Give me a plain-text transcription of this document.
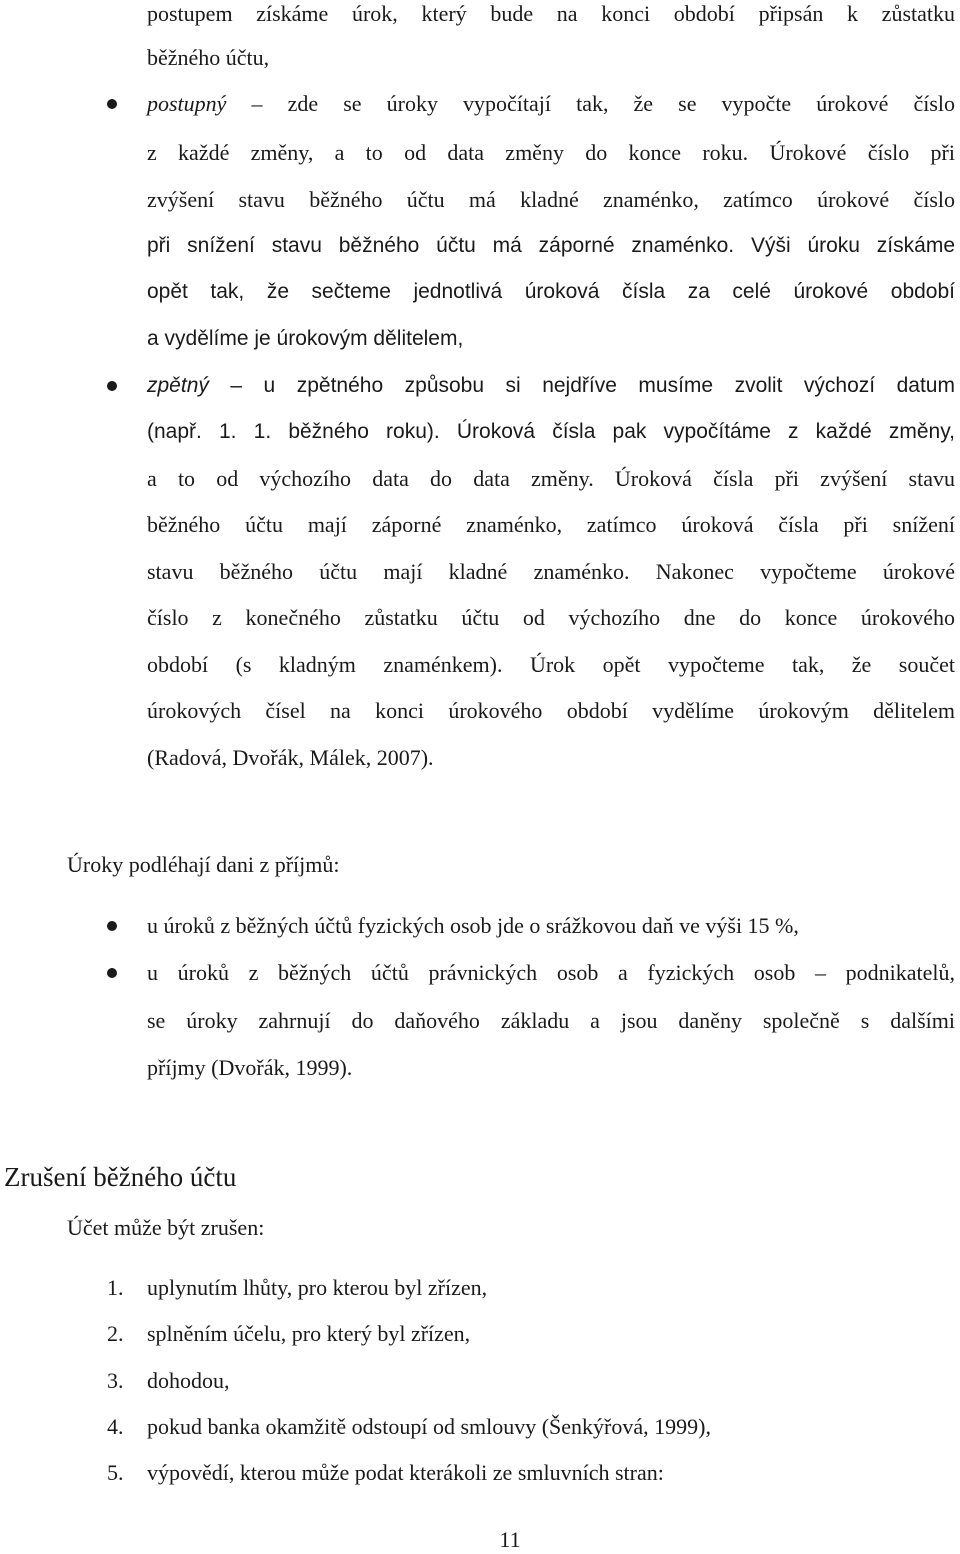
postupem získáme úrok, který bude na konci období připsán k zůstatku
běžného účtu,
postupný – zde se úroky vypočítají tak, že se vypočte úrokové číslo
z každé změny, a to od data změny do konce roku. Úrokové číslo při
zvýšení stavu běžného účtu má kladné znaménko, zatímco úrokové číslo
při snížení stavu běžného účtu má záporné znaménko. Výši úroku získáme
opět tak, že sečteme jednotlivá úroková čísla za celé úrokové období
a vydělíme je úrokovým dělitelem,
zpětný – u zpětného způsobu si nejdříve musíme zvolit výchozí datum
(např. 1. 1. běžného roku). Úroková čísla pak vypočítáme z každé změny,
a to od výchozího data do data změny. Úroková čísla při zvýšení stavu
běžného účtu mají záporné znaménko, zatímco úroková čísla při snížení
stavu běžného účtu mají kladné znaménko. Nakonec vypočteme úrokové
číslo z konečného zůstatku účtu od výchozího dne do konce úrokového
období (s kladným znaménkem). Úrok opět vypočteme tak, že součet
úrokových čísel na konci úrokového období vydělíme úrokovým dělitelem
(Radová, Dvořák, Málek, 2007).
Úroky podléhají dani z příjmů:
u úroků z běžných účtů fyzických osob jde o srážkovou daň ve výši 15 %,
u úroků z běžných účtů právnických osob a fyzických osob – podnikatelů,
se úroky zahrnují do daňového základu a jsou daněny společně s dalšími
příjmy (Dvořák, 1999).
Zrušení běžného účtu
Účet může být zrušen:
1. uplynutím lhůty, pro kterou byl zřízen,
2. splněním účelu, pro který byl zřízen,
3. dohodou,
4. pokud banka okamžitě odstoupí od smlouvy (Šenkýřová, 1999),
5. výpovědí, kterou může podat kterákoli ze smluvních stran:
11
